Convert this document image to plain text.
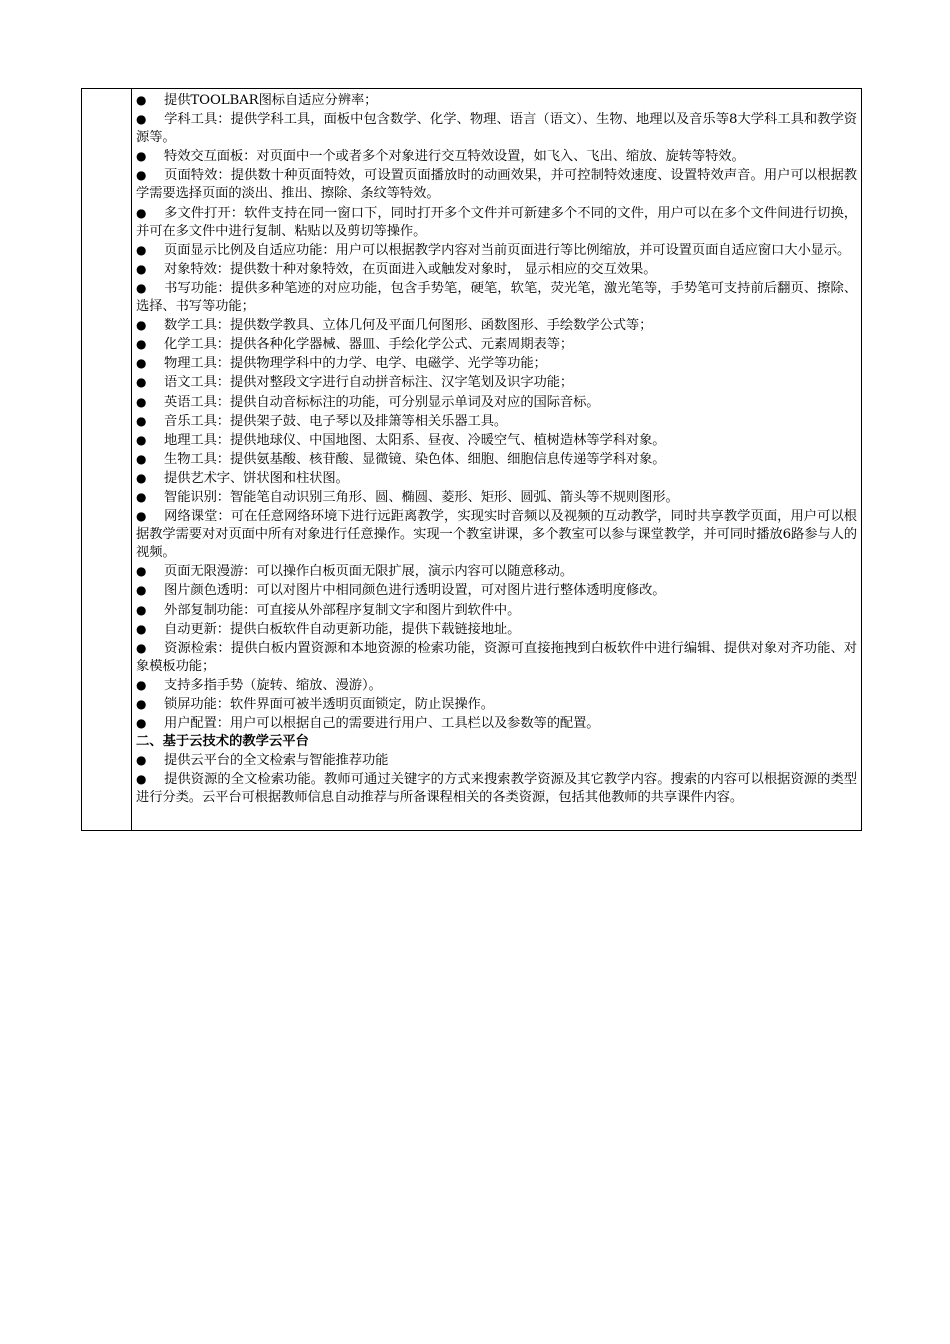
● 提供TOOLBAR图标自适应分辨率；

● 学科工具：提供学科工具，面板中包含数学、化学、物理、语言（语文）、生物、地理以及音乐等8大学科工具和教学资源等。

● 特效交互面板：对页面中一个或者多个对象进行交互特效设置，如飞入、飞出、缩放、旋转等特效。

● 页面特效：提供数十种页面特效，可设置页面播放时的动画效果，并可控制特效速度、设置特效声音。用户可以根据教学需要选择页面的淡出、推出、擦除、条纹等特效。

● 多文件打开：软件支持在同一窗口下，同时打开多个文件并可新建多个不同的文件，用户可以在多个文件间进行切换，并可在多文件中进行复制、粘贴以及剪切等操作。

● 页面显示比例及自适应功能：用户可以根据教学内容对当前页面进行等比例缩放，并可设置页面自适应窗口大小显示。

● 对象特效：提供数十种对象特效，在页面进入或触发对象时， 显示相应的交互效果。

● 书写功能：提供多种笔迹的对应功能，包含手势笔，硬笔，软笔，荧光笔，激光笔等，手势笔可支持前后翻页、擦除、选择、书写等功能；

● 数学工具：提供数学教具、立体几何及平面几何图形、函数图形、手绘数学公式等；

● 化学工具：提供各种化学器械、器皿、手绘化学公式、元素周期表等；

● 物理工具：提供物理学科中的力学、电学、电磁学、光学等功能；

● 语文工具：提供对整段文字进行自动拼音标注、汉字笔划及识字功能；

● 英语工具：提供自动音标标注的功能，可分别显示单词及对应的国际音标。

● 音乐工具：提供架子鼓、电子琴以及排箫等相关乐器工具。

● 地理工具：提供地球仪、中国地图、太阳系、昼夜、冷暖空气、植树造林等学科对象。

● 生物工具：提供氨基酸、核苷酸、显微镜、染色体、细胞、细胞信息传递等学科对象。

● 提供艺术字、饼状图和柱状图。

● 智能识别：智能笔自动识别三角形、圆、椭圆、菱形、矩形、圆弧、箭头等不规则图形。

● 网络课堂：可在任意网络环境下进行远距离教学，实现实时音频以及视频的互动教学，同时共享教学页面，用户可以根据教学需要对对页面中所有对象进行任意操作。实现一个教室讲课，多个教室可以参与课堂教学，并可同时播放6路参与人的视频。

● 页面无限漫游：可以操作白板页面无限扩展，演示内容可以随意移动。

● 图片颜色透明：可以对图片中相同颜色进行透明设置，可对图片进行整体透明度修改。

● 外部复制功能：可直接从外部程序复制文字和图片到软件中。

● 自动更新：提供白板软件自动更新功能，提供下载链接地址。

● 资源检索：提供白板内置资源和本地资源的检索功能，资源可直接拖拽到白板软件中进行编辑、提供对象对齐功能、对象模板功能；

● 支持多指手势（旋转、缩放、漫游）。

● 锁屏功能：软件界面可被半透明页面锁定，防止误操作。

● 用户配置：用户可以根据自己的需要进行用户、工具栏以及参数等的配置。

二、基于云技术的教学云平台

● 提供云平台的全文检索与智能推荐功能

● 提供资源的全文检索功能。教师可通过关键字的方式来搜索教学资源及其它教学内容。搜索的内容可以根据资源的类型进行分类。云平台可根据教师信息自动推荐与所备课程相关的各类资源，包括其他教师的共享课件内容。
